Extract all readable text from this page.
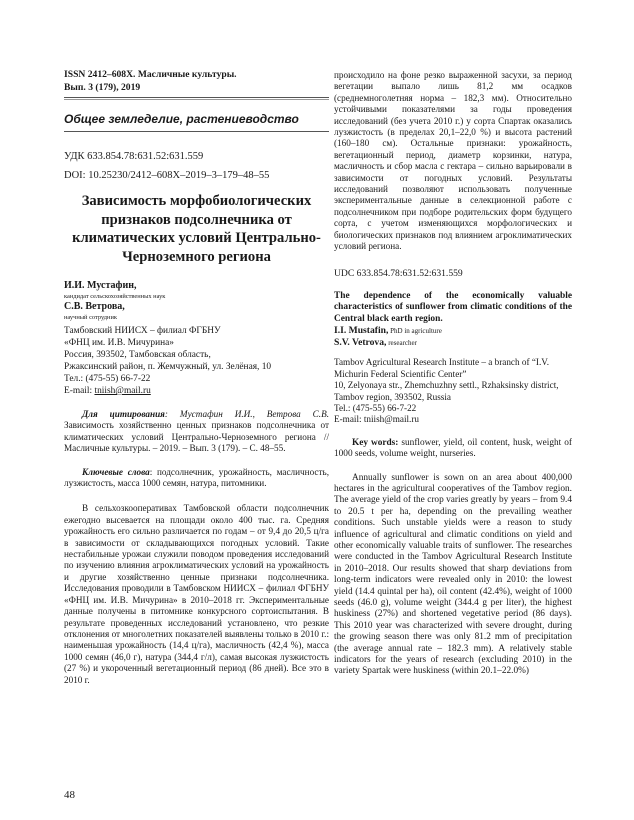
ISSN 2412–608X. Масличные культуры.
Вып. 3 (179), 2019
Общее земледелие, растениеводство
УДК 633.854.78:631.52:631.559
DOI: 10.25230/2412–608X–2019–3–179–48–55
Зависимость морфобиологических признаков подсолнечника от климатических условий Центрально-Черноземного региона
И.И. Мустафин,
кандидат сельскохозяйственных наук
С.В. Ветрова,
научный сотрудник
Тамбовский НИИСХ – филиал ФГБНУ
«ФНЦ им. И.В. Мичурина»
Россия, 393502, Тамбовская область,
Ржаксинский район, п. Жемчужный, ул. Зелёная, 10
Тел.: (475-55) 66-7-22
E-mail: tniish@mail.ru

Для цитирования: Мустафин И.И., Ветрова С.В. Зависимость хозяйственно ценных признаков подсолнечника от климатических условий Центрально-Черноземного региона // Масличные культуры. – 2019. – Вып. 3 (179). – С. 48–55.

Ключевые слова: подсолнечник, урожайность, масличность, лузжистость, масса 1000 семян, натура, питомники.

В сельхозкооперативах Тамбовской области подсолнечник ежегодно высевается на площади около 400 тыс. га. Средняя урожайность его сильно различается по годам – от 9,4 до 20,5 ц/га в зависимости от складывающихся погодных условий. Такие нестабильные урожаи служили поводом проведения исследований по изучению влияния агроклиматических условий на урожайность и другие хозяйственно ценные признаки подсолнечника. Исследования проводили в Тамбовском НИИСХ – филиал ФГБНУ «ФНЦ им. И.В. Мичурина» в 2010–2018 гг. Экспериментальные данные получены в питомнике конкурсного сортоиспытания. В результате проведенных исследований установлено, что резкие отклонения от многолетних показателей выявлены только в 2010 г.: наименьшая урожайность (14,4 ц/га), масличность (42,4 %), масса 1000 семян (46,0 г), натура (344,4 г/л), самая высокая лузжистость (27 %) и укороченный вегетационный период (86 дней). Все это в 2010 г.

происходило на фоне резко выраженной засухи, за период вегетации выпало лишь 81,2 мм осадков (среднемноголетняя норма – 182,3 мм). Относительно устойчивыми показателями за годы проведения исследований (без учета 2010 г.) у сорта Спартак оказались лузжистость (в пределах 20,1–22,0 %) и высота растений (160–180 см). Остальные признаки: урожайность, вегетационный период, диаметр корзинки, натура, масличность и сбор масла с гектара – сильно варьировали в зависимости от погодных условий. Результаты исследований позволяют использовать полученные экспериментальные данные в селекционной работе с подсолнечником при подборе родительских форм будущего сорта, с учетом изменяющихся морфологических и биологических признаков под влиянием агроклиматических условий региона.

UDC 633.854.78:631.52:631.559
The dependence of the economically valuable characteristics of sunflower from climatic conditions of the Central black earth region.
I.I. Mustafin, PhD in agriculture
S.V. Vetrova, researcher
Tambov Agricultural Research Institute – a branch of “I.V. Michurin Federal Scientific Center”
10, Zelyonaya str., Zhemchuzhny settl., Rzhaksinsky district, Tambov region, 393502, Russia
Tel.: (475-55) 66-7-22
E-mail: tniish@mail.ru

Key words: sunflower, yield, oil content, husk, weight of 1000 seeds, volume weight, nurseries.

Annually sunflower is sown on an area about 400,000 hectares in the agricultural cooperatives of the Tambov region. The average yield of the crop varies greatly by years – from 9.4 to 20.5 t per ha, depending on the prevailing weather conditions. Such unstable yields were a reason to study influence of agricultural and climatic conditions on yield and other economically valuable traits of sunflower. The researches were conducted in the Tambov Agricultural Research Institute in 2010–2018. Our results showed that sharp deviations from long-term indicators were revealed only in 2010: the lowest yield (14.4 quintal per ha), oil content (42.4%), weight of 1000 seeds (46.0 g), volume weight (344.4 g per liter), the highest huskiness (27%) and shortened vegetative period (86 days). This 2010 year was characterized with severe drought, during the growing season there was only 81.2 mm of precipitation (the average annual rate – 182.3 mm). A relatively stable indicators for the years of research (excluding 2010) in the variety Spartak were huskiness (within 20.1–22.0%)

48
